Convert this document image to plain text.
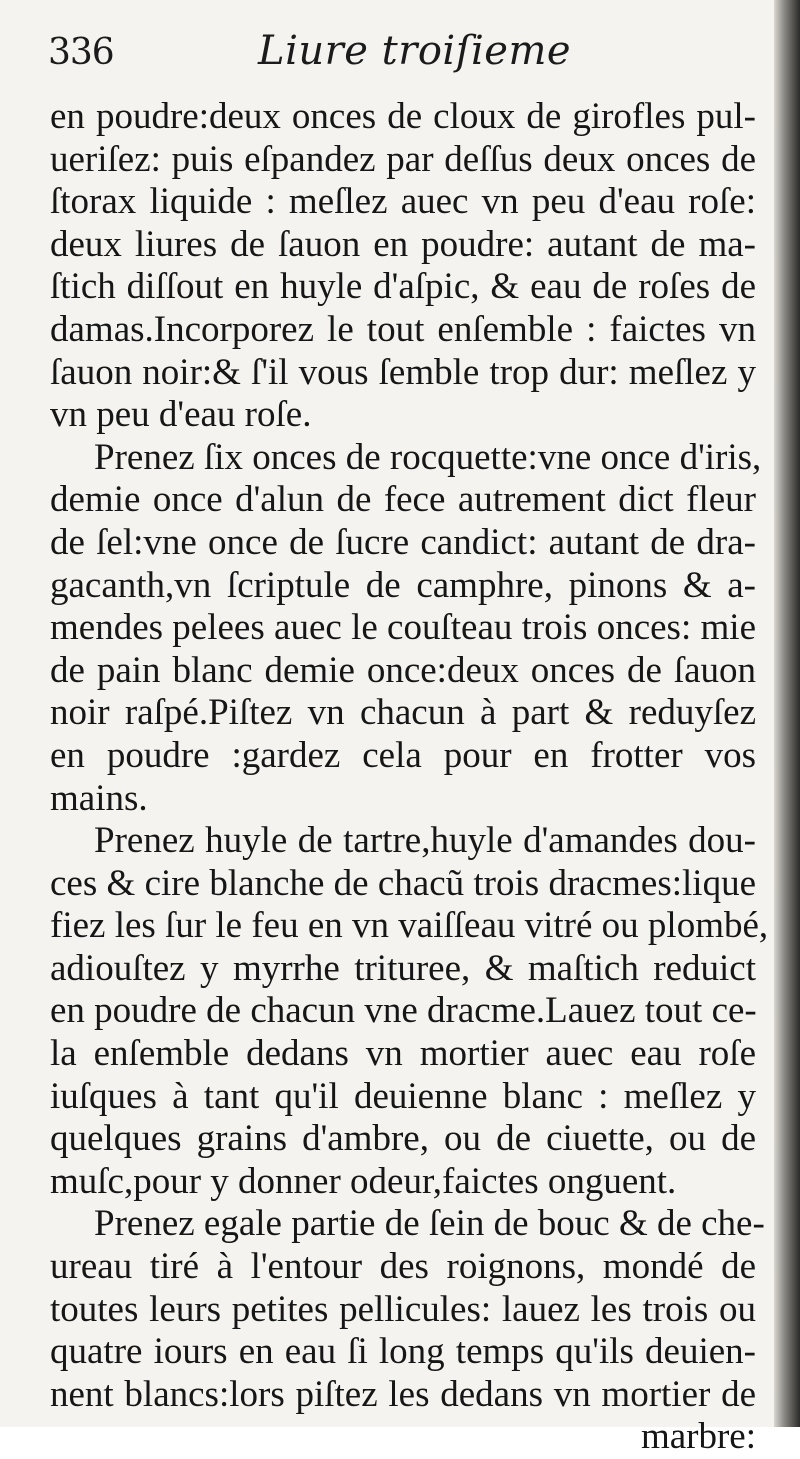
336	Liure troiſieme
en poudre:deux onces de cloux de girofles pul-
ueriſez: puis eſpandez par deſſus deux onces de
ſtorax liquide : meſlez auec vn peu d'eau roſe:
deux liures de ſauon en poudre: autant de ma-
ſtich diſſout en huyle d'aſpic, & eau de roſes de
damas.Incorporez le tout enſemble : faictes vn
ſauon noir:& ſ'il vous ſemble trop dur: meſlez y
vn peu d'eau roſe.
Prenez ſix onces de rocquette:vne once d'iris,
demie once d'alun de fece autrement dict fleur
de ſel:vne once de ſucre candict: autant de dra-
gacanth,vn ſcriptule de camphre, pinons & a-
mendes pelees auec le couſteau trois onces: mie
de pain blanc demie once:deux onces de ſauon
noir raſpé.Piſtez vn chacun à part & reduyſez
en poudre :gardez cela pour en frotter vos
mains.
Prenez huyle de tartre,huyle d'amandes dou-
ces & cire blanche de chacũ trois dracmes:lique
fiez les ſur le feu en vn vaiſſeau vitré ou plombé,
adiouſtez y myrrhe trituree, & maſtich reduict
en poudre de chacun vne dracme.Lauez tout ce-
la enſemble dedans vn mortier auec eau roſe
iuſques à tant qu'il deuienne blanc : meſlez y
quelques grains d'ambre, ou de ciuette, ou de
muſc,pour y donner odeur,faictes onguent.
Prenez egale partie de ſein de bouc & de che-
ureau tiré à l'entour des roignons, mondé de
toutes leurs petites pellicules: lauez les trois ou
quatre iours en eau ſi long temps qu'ils deuien-
nent blancs:lors piſtez les dedans vn mortier de
marbre:
